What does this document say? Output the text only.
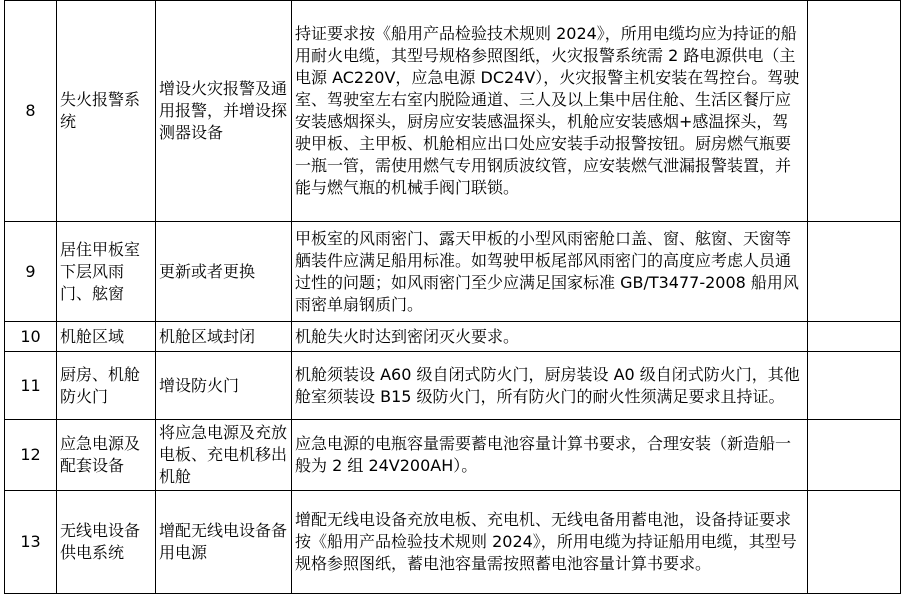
8	失火报警系统	增设火灾报警及通用报警，并增设探测器设备	持证要求按《船用产品检验技术规则 2024》，所用电缆均应为持证的船用耐火电缆，其型号规格参照图纸，火灾报警系统需 2 路电源供电（主电源 AC220V，应急电源 DC24V），火灾报警主机安装在驾控台。驾驶室、驾驶室左右室内脱险通道、三人及以上集中居住舱、生活区餐厅应安装感烟探头，厨房应安装感温探头，机舱应安装感烟+感温探头，驾驶甲板、主甲板、机舱相应出口处应安装手动报警按钮。厨房燃气瓶要一瓶一管，需使用燃气专用钢质波纹管，应安装燃气泄漏报警装置，并能与燃气瓶的机械手阀门联锁。	
9	居住甲板室下层风雨门、舷窗	更新或者更换	甲板室的风雨密门、露天甲板的小型风雨密舱口盖、窗、舷窗、天窗等舾装件应满足船用标准。如驾驶甲板尾部风雨密门的高度应考虑人员通过性的问题；如风雨密门至少应满足国家标准 GB/T3477-2008 船用风雨密单扇钢质门。	
10	机舱区域	机舱区域封闭	机舱失火时达到密闭灭火要求。	
11	厨房、机舱防火门	增设防火门	机舱须装设 A60 级自闭式防火门，厨房装设 A0 级自闭式防火门，其他舱室须装设 B15 级防火门，所有防火门的耐火性须满足要求且持证。	
12	应急电源及配套设备	将应急电源及充放电板、充电机移出机舱	应急电源的电瓶容量需要蓄电池容量计算书要求，合理安装（新造船一般为 2 组 24V200AH）。	
13	无线电设备供电系统	增配无线电设备备用电源	增配无线电设备充放电板、充电机、无线电备用蓄电池，设备持证要求按《船用产品检验技术规则 2024》，所用电缆为持证船用电缆，其型号规格参照图纸，蓄电池容量需按照蓄电池容量计算书要求。	
